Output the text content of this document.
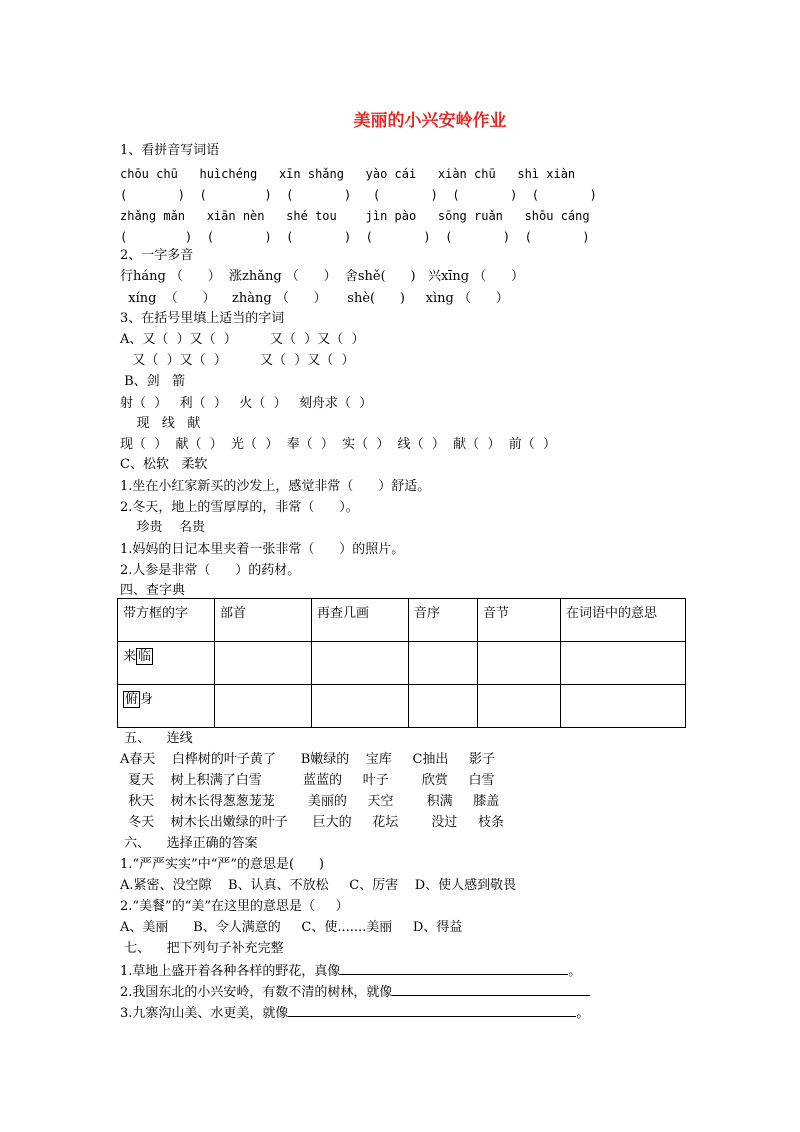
美丽的小兴安岭作业
1、看拼音写词语
chōu chū   huìchéng   xīn shǎng   yào cái   xiàn chū   shì xiàn
(       )  (        )  (       )   (       )  (       )  (       )
zhǎng mǎn   xiān nèn   shé tou    jìn pào   sōng ruǎn   shōu cáng
(        )  (       )  (       )  (       )  (       )  (       )
2、一字多音
行háng （      ）  涨zhǎng （      ）  舍shě(      )   兴xīng （      ）
xíng  （      ）    zhàng （      ）     shè(      )     xìng （      ）
3、在括号里填上适当的字词
A、又（  ）又（  ）        又（  ）又（  ）
又（  ）又（  ）        又（  ）又（  ）
B、剑   箭
射（  ）   利（  ）   火（  ）   刻舟求（  ）
现   线   献
现（  ）  献（  ）  光（  ）  奉（  ）  实（  ）  线（  ）  献（  ）  前（  ）
C、松软   柔软
1.坐在小红家新买的沙发上，感觉非常（      ）舒适。
2.冬天，地上的雪厚厚的，非常（      ）。
珍贵    名贵
1.妈妈的日记本里夹着一张非常（      ）的照片。
2.人参是非常（      ）的药材。
四、查字典
带方框的字	部首	再查几画	音序	音节	在词语中的意思
来 临					
俯 身					
五、    连线
A春天    白桦树的叶子黄了      B嫩绿的    宝库     C抽出     影子
夏天    树上积满了白雪          蓝蓝的     叶子        欣赏     白雪
秋天    树木长得葱葱茏茏        美丽的     天空        积满     膝盖
冬天    树木长出嫩绿的叶子      巨大的     花坛        没过     枝条
六、    选择正确的答案
1.“严严实实”中“严”的意思是(      )
A.紧密、没空隙    B、认真、不放松     C、厉害    D、使人感到敬畏
2.“美餐”的“美”在这里的意思是（     ）
A、美丽      B、令人满意的     C、使.......美丽     D、得益
七、    把下列句子补充完整
1.草地上盛开着各种各样的野花，真像	。
2.我国东北的小兴安岭，有数不清的树林，就像
3.九寨沟山美、水更美，就像	。
